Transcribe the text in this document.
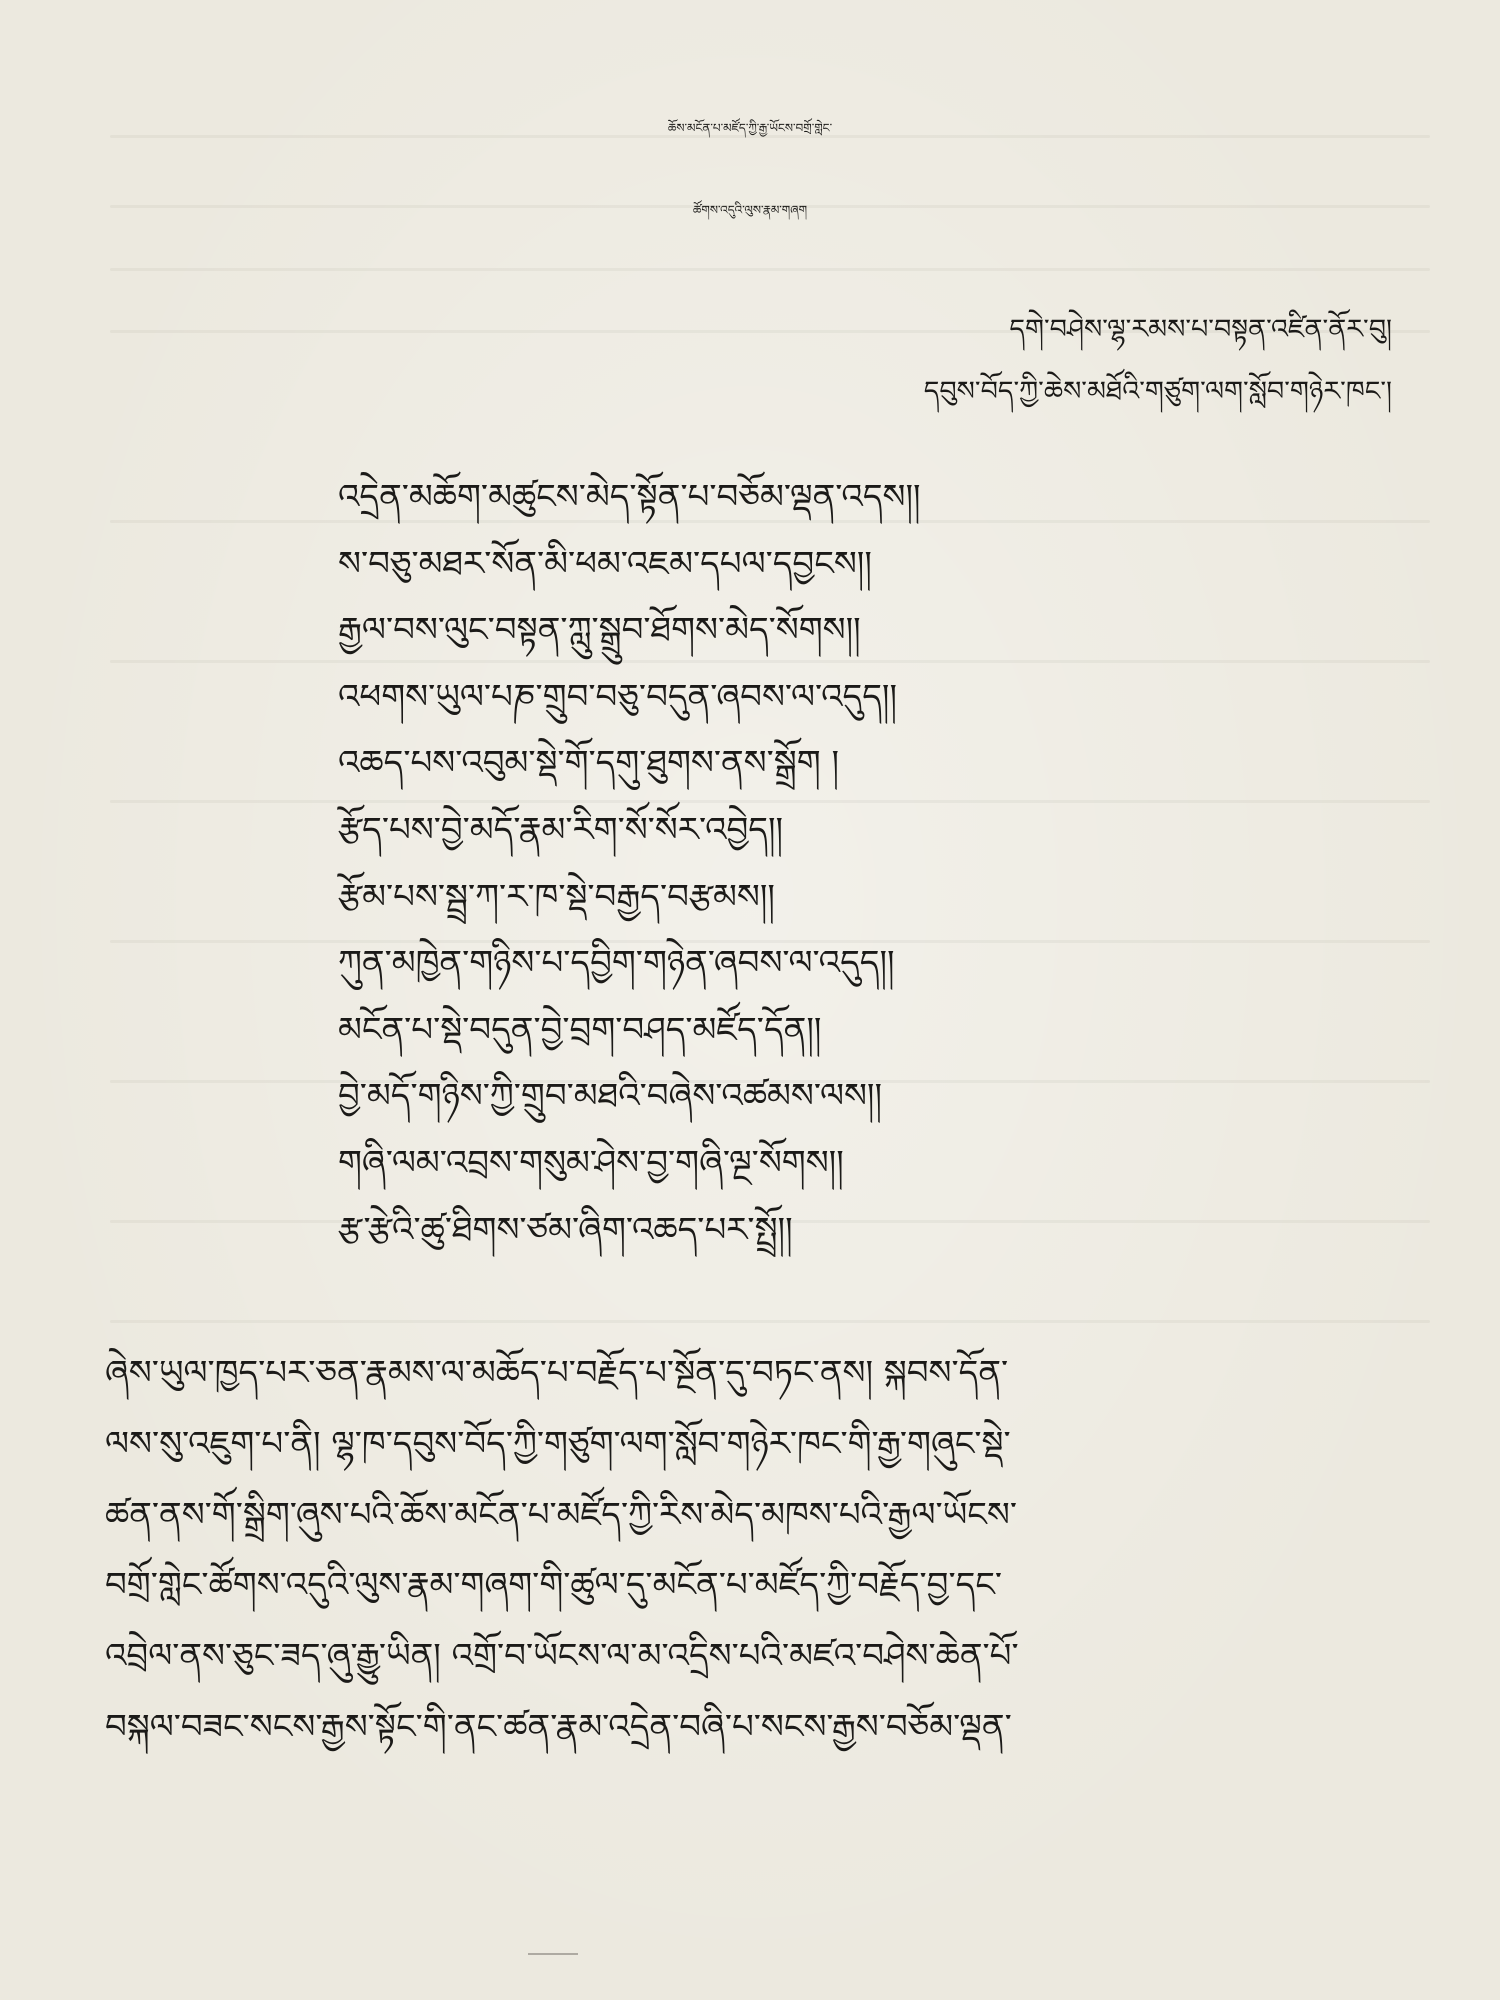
ཆོས་མངོན་པ་མཛོད་ཀྱི་རྒྱ་ཡོངས་བགྲོ་གླེང་
ཚོགས་འདུའི་ལུས་རྣམ་གཞག
དགེ་བཤེས་ལྷ་རམས་པ་བསྟན་འཛིན་ནོར་བུ།
དབུས་བོད་ཀྱི་ཆེས་མཐོའི་གཙུག་ལག་སློབ་གཉེར་ཁང་།
འདྲེན་མཆོག་མཚུངས་མེད་སྟོན་པ་བཅོམ་ལྡན་འདས།།
ས་བཅུ་མཐར་སོན་མི་ཕམ་འཇམ་དཔལ་དབྱངས།།
རྒྱལ་བས་ལུང་བསྟན་ཀླུ་སྒྲུབ་ཐོགས་མེད་སོགས།།
འཕགས་ཡུལ་པཎ་གྲུབ་བཅུ་བདུན་ཞབས་ལ་འདུད།།
འཆད་པས་འབུམ་སྡེ་གོ་དགུ་ཐུགས་ནས་སྒྲོག །
རྩོད་པས་བྱེ་མདོ་རྣམ་རིག་སོ་སོར་འབྱེད།།
རྩོམ་པས་སྦྲ་ཀ་ར་ཁ་སྡེ་བརྒྱད་བརྩམས།།
ཀུན་མཁྱེན་གཉིས་པ་དབྱིག་གཉེན་ཞབས་ལ་འདུད།།
མངོན་པ་སྡེ་བདུན་བྱེ་བྲག་བཤད་མཛོད་དོན།།
བྱེ་མདོ་གཉིས་ཀྱི་གྲུབ་མཐའི་བཞེས་འཚམས་ལས།།
གཞི་ལམ་འབྲས་གསུམ་ཤེས་བྱ་གཞི་ལྔ་སོགས།།
རྩ་རྩེའི་ཚུ་ཐིགས་ཙམ་ཞིག་འཆད་པར་སྤྲོ།།
ཞེས་ཡུལ་ཁྱད་པར་ཅན་རྣམས་ལ་མཆོད་པ་བརྗོད་པ་སྔོན་དུ་བཏང་ནས། སྐབས་དོན་
ལས་སུ་འཇུག་པ་ནི། ལྷ་ཁ་དབུས་བོད་ཀྱི་གཙུག་ལག་སློབ་གཉེར་ཁང་གི་རྒྱ་གཞུང་སྡེ་
ཚན་ནས་གོ་སྒྲིག་ཞུས་པའི་ཆོས་མངོན་པ་མཛོད་ཀྱི་རིས་མེད་མཁས་པའི་རྒྱལ་ཡོངས་
བགྲོ་གླེང་ཚོགས་འདུའི་ལུས་རྣམ་གཞག་གི་ཚུལ་དུ་མངོན་པ་མཛོད་ཀྱི་བརྗོད་བྱ་དང་
འབྲེལ་ནས་ཅུང་ཟད་ཞུ་རྒྱུ་ཡིན། འགྲོ་བ་ཡོངས་ལ་མ་འདྲིས་པའི་མཛའ་བཤེས་ཆེན་པོ་
བསྐལ་བཟང་སངས་རྒྱས་སྟོང་གི་ནང་ཚན་རྣམ་འདྲེན་བཞི་པ་སངས་རྒྱས་བཅོམ་ལྡན་
